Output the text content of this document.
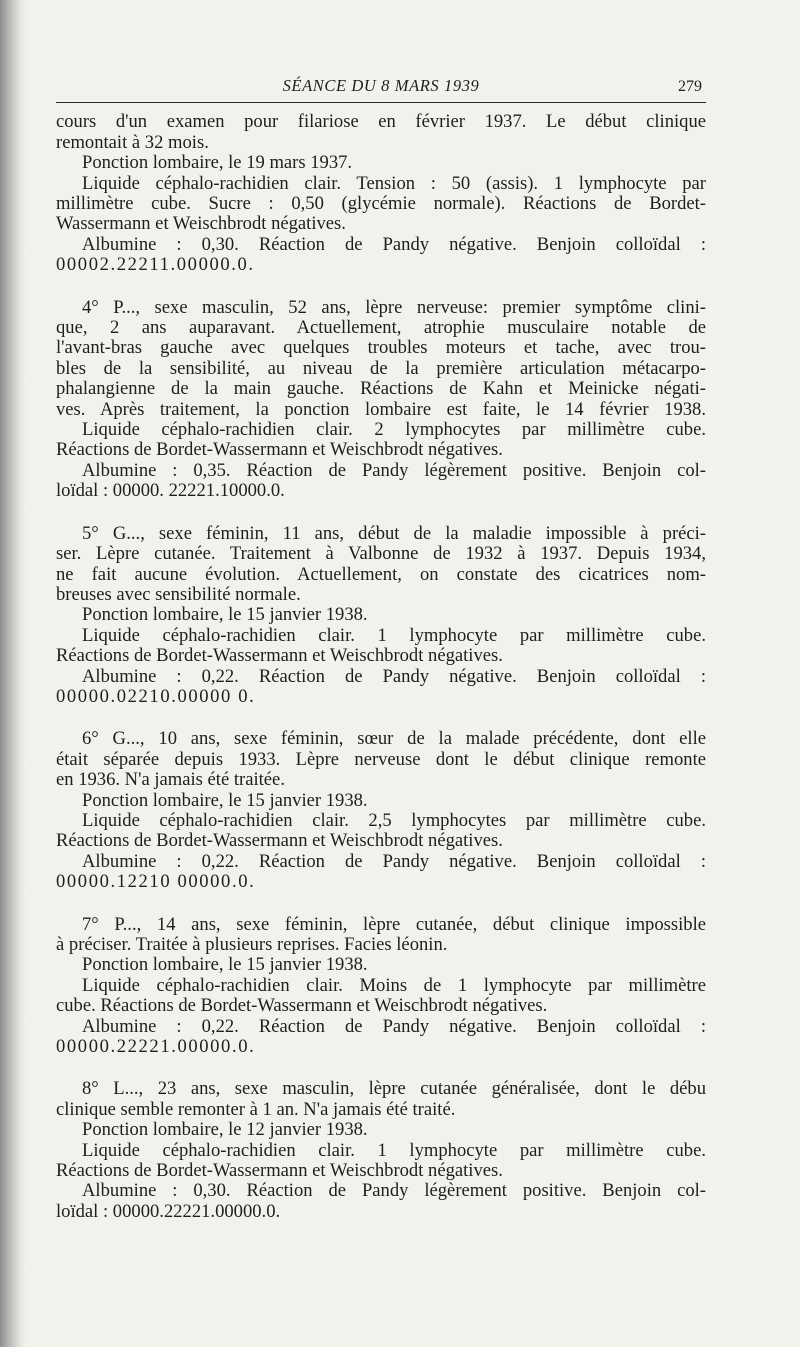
SÉANCE DU 8 MARS 1939	279

cours d'un examen pour filariose en février 1937. Le début clinique

remontait à 32 mois.

Ponction lombaire, le 19 mars 1937.

Liquide céphalo-rachidien clair. Tension : 50 (assis). 1 lymphocyte par

millimètre cube. Sucre : 0,50 (glycémie normale). Réactions de Bordet-

Wassermann et Weischbrodt négatives.

Albumine : 0,30. Réaction de Pandy négative. Benjoin colloïdal :

00002.22211.00000.0.

4° P..., sexe masculin, 52 ans, lèpre nerveuse: premier symptôme clini-

que, 2 ans auparavant. Actuellement, atrophie musculaire notable de

l'avant-bras gauche avec quelques troubles moteurs et tache, avec trou-

bles de la sensibilité, au niveau de la première articulation métacarpo-

phalangienne de la main gauche. Réactions de Kahn et Meinicke négati-

ves. Après traitement, la ponction lombaire est faite, le 14 février 1938.

Liquide céphalo-rachidien clair. 2 lymphocytes par millimètre cube.

Réactions de Bordet-Wassermann et Weischbrodt négatives.

Albumine : 0,35. Réaction de Pandy légèrement positive. Benjoin col-

loïdal : 00000. 22221.10000.0.

5° G..., sexe féminin, 11 ans, début de la maladie impossible à préci-

ser. Lèpre cutanée. Traitement à Valbonne de 1932 à 1937. Depuis 1934,

ne fait aucune évolution. Actuellement, on constate des cicatrices nom-

breuses avec sensibilité normale.

Ponction lombaire, le 15 janvier 1938.

Liquide céphalo-rachidien clair. 1 lymphocyte par millimètre cube.

Réactions de Bordet-Wassermann et Weischbrodt négatives.

Albumine : 0,22. Réaction de Pandy négative. Benjoin colloïdal :

00000.02210.00000 0.

6° G..., 10 ans, sexe féminin, sœur de la malade précédente, dont elle

était séparée depuis 1933. Lèpre nerveuse dont le début clinique remonte

en 1936. N'a jamais été traitée.

Ponction lombaire, le 15 janvier 1938.

Liquide céphalo-rachidien clair. 2,5 lymphocytes par millimètre cube.

Réactions de Bordet-Wassermann et Weischbrodt négatives.

Albumine : 0,22. Réaction de Pandy négative. Benjoin colloïdal :

00000.12210 00000.0.

7° P..., 14 ans, sexe féminin, lèpre cutanée, début clinique impossible

à préciser. Traitée à plusieurs reprises. Facies léonin.

Ponction lombaire, le 15 janvier 1938.

Liquide céphalo-rachidien clair. Moins de 1 lymphocyte par millimètre

cube. Réactions de Bordet-Wassermann et Weischbrodt négatives.

Albumine : 0,22. Réaction de Pandy négative. Benjoin colloïdal :

00000.22221.00000.0.

8° L..., 23 ans, sexe masculin, lèpre cutanée généralisée, dont le débu

clinique semble remonter à 1 an. N'a jamais été traité.

Ponction lombaire, le 12 janvier 1938.

Liquide céphalo-rachidien clair. 1 lymphocyte par millimètre cube.

Réactions de Bordet-Wassermann et Weischbrodt négatives.

Albumine : 0,30. Réaction de Pandy légèrement positive. Benjoin col-

loïdal : 00000.22221.00000.0.
